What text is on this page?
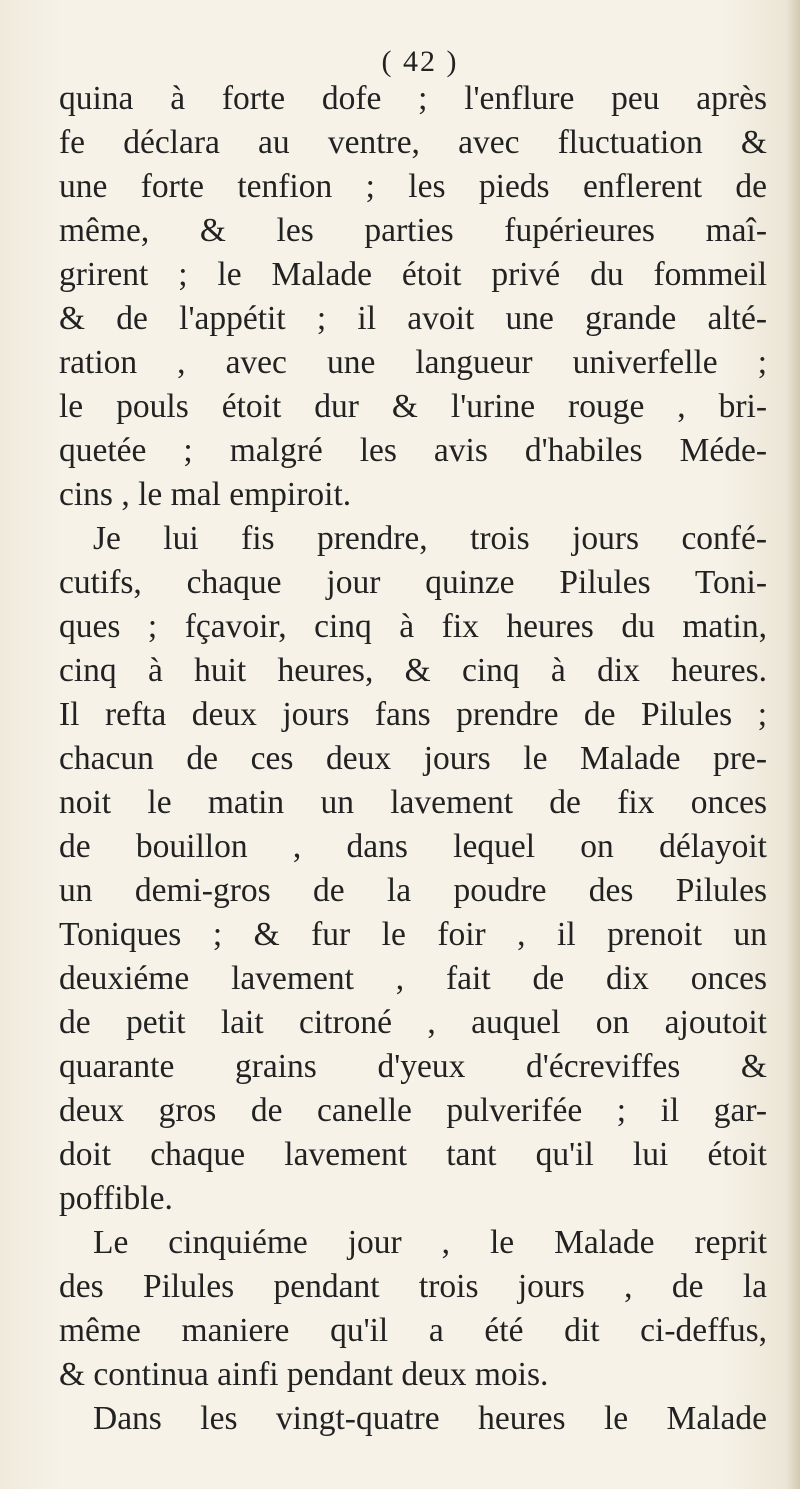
( 42 )
quina à forte dofe ; l'enflure peu après
fe déclara au ventre, avec fluctuation &
une forte tenfion ; les pieds enflerent de
même, & les parties fupérieures maî-
grirent ; le Malade étoit privé du fommeil
& de l'appétit ; il avoit une grande alté-
ration , avec une langueur univerfelle ;
le pouls étoit dur & l'urine rouge , bri-
quetée ; malgré les avis d'habiles Méde-
cins , le mal empiroit.
Je lui fis prendre, trois jours confé-
cutifs, chaque jour quinze Pilules Toni-
ques ; fçavoir, cinq à fix heures du matin,
cinq à huit heures, & cinq à dix heures.
Il refta deux jours fans prendre de Pilules ;
chacun de ces deux jours le Malade pre-
noit le matin un lavement de fix onces
de bouillon , dans lequel on délayoit
un demi-gros de la poudre des Pilules
Toniques ; & fur le foir , il prenoit un
deuxiéme lavement , fait de dix onces
de petit lait citroné , auquel on ajoutoit
quarante grains d'yeux d'écreviffes &
deux gros de canelle pulverifée ; il gar-
doit chaque lavement tant qu'il lui étoit
poffible.
Le cinquiéme jour , le Malade reprit
des Pilules pendant trois jours , de la
même maniere qu'il a été dit ci-deffus,
& continua ainfi pendant deux mois.
Dans les vingt-quatre heures le Malade
